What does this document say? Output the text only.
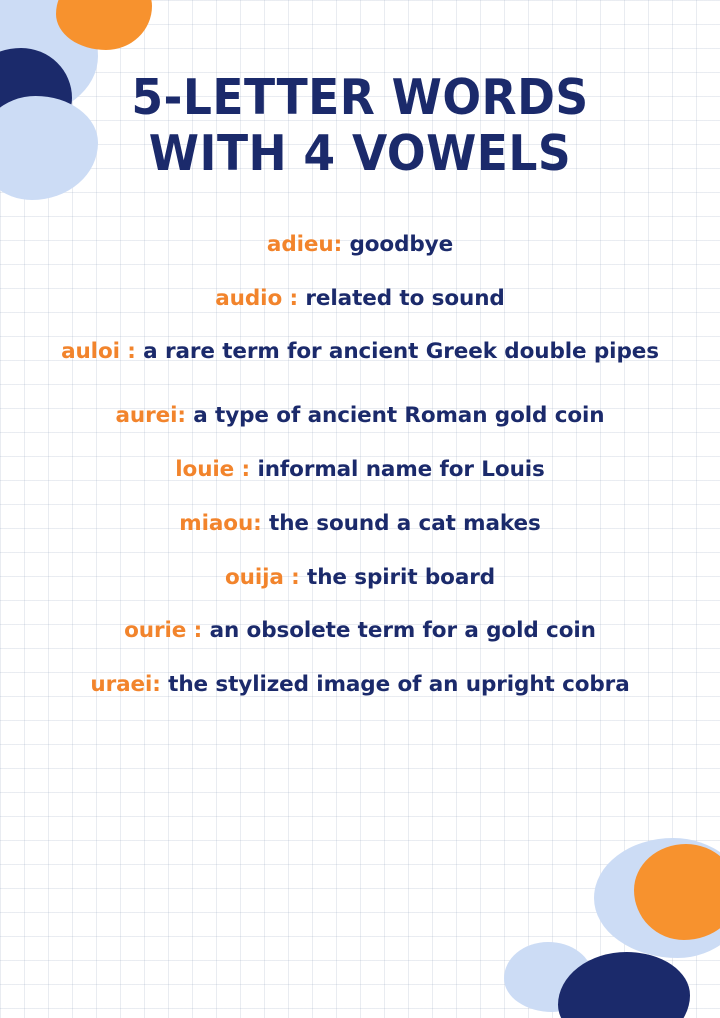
5-LETTER WORDS
WITH 4 VOWELS
adieu: goodbye
audio : related to sound
auloi : a rare term for ancient Greek double pipes
aurei: a type of ancient Roman gold coin
louie : informal name for Louis
miaou: the sound a cat makes
ouija : the spirit board
ourie : an obsolete term for a gold coin
uraei: the stylized image of an upright cobra
